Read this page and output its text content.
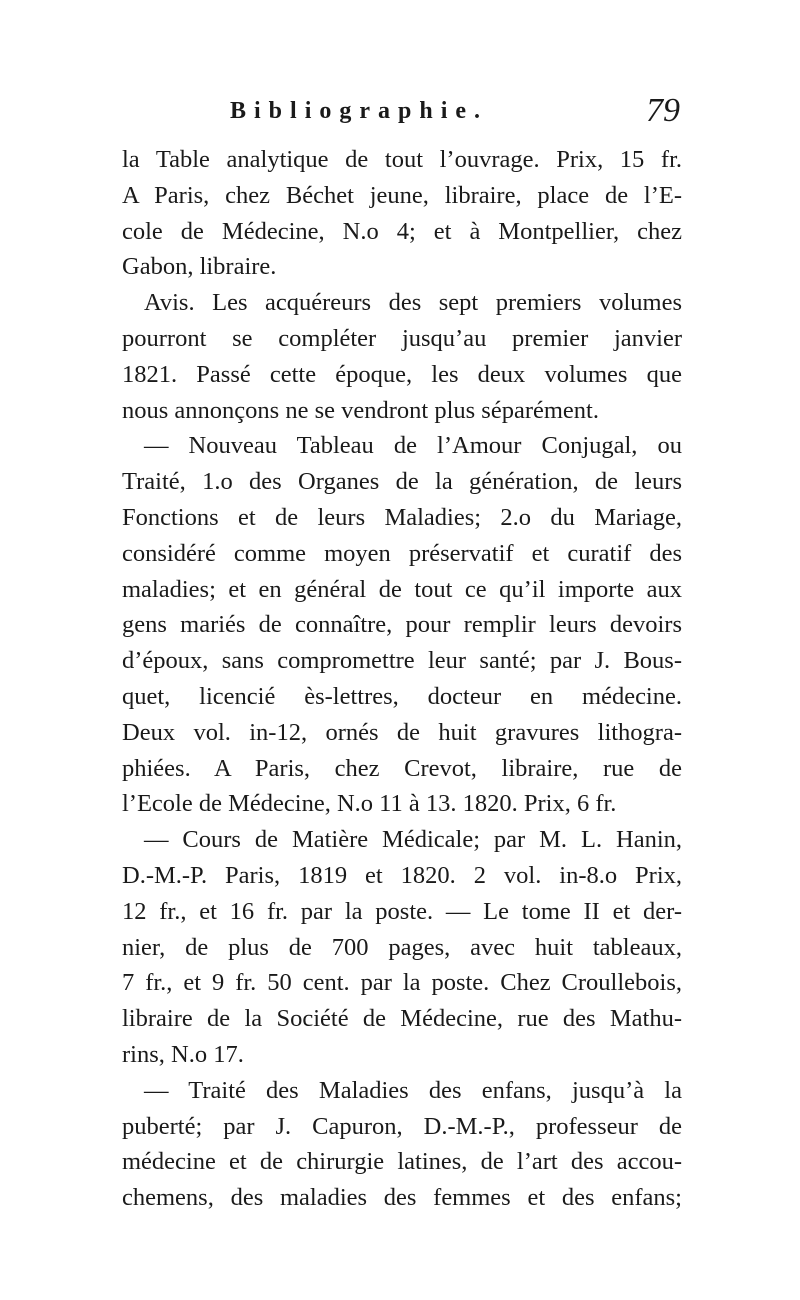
Bibliographie.	79
la Table analytique de tout l’ouvrage. Prix, 15 fr.
A Paris, chez Béchet jeune, libraire, place de l’E-
cole de Médecine, N.o 4; et à Montpellier, chez
Gabon, libraire.
Avis. Les acquéreurs des sept premiers volumes
pourront se compléter jusqu’au premier janvier
1821. Passé cette époque, les deux volumes que
nous annonçons ne se vendront plus séparément.
— Nouveau Tableau de l’Amour Conjugal, ou
Traité, 1.o des Organes de la génération, de leurs
Fonctions et de leurs Maladies; 2.o du Mariage,
considéré comme moyen préservatif et curatif des
maladies; et en général de tout ce qu’il importe aux
gens mariés de connaître, pour remplir leurs devoirs
d’époux, sans compromettre leur santé; par J. Bous-
quet, licencié ès-lettres, docteur en médecine.
Deux vol. in-12, ornés de huit gravures lithogra-
phiées. A Paris, chez Crevot, libraire, rue de
l’Ecole de Médecine, N.o 11 à 13. 1820. Prix, 6 fr.
— Cours de Matière Médicale; par M. L. Hanin,
D.-M.-P. Paris, 1819 et 1820. 2 vol. in-8.o Prix,
12 fr., et 16 fr. par la poste. — Le tome II et der-
nier, de plus de 700 pages, avec huit tableaux,
7 fr., et 9 fr. 50 cent. par la poste. Chez Croullebois,
libraire de la Société de Médecine, rue des Mathu-
rins, N.o 17.
— Traité des Maladies des enfans, jusqu’à la
puberté; par J. Capuron, D.-M.-P., professeur de
médecine et de chirurgie latines, de l’art des accou-
chemens, des maladies des femmes et des enfans;
